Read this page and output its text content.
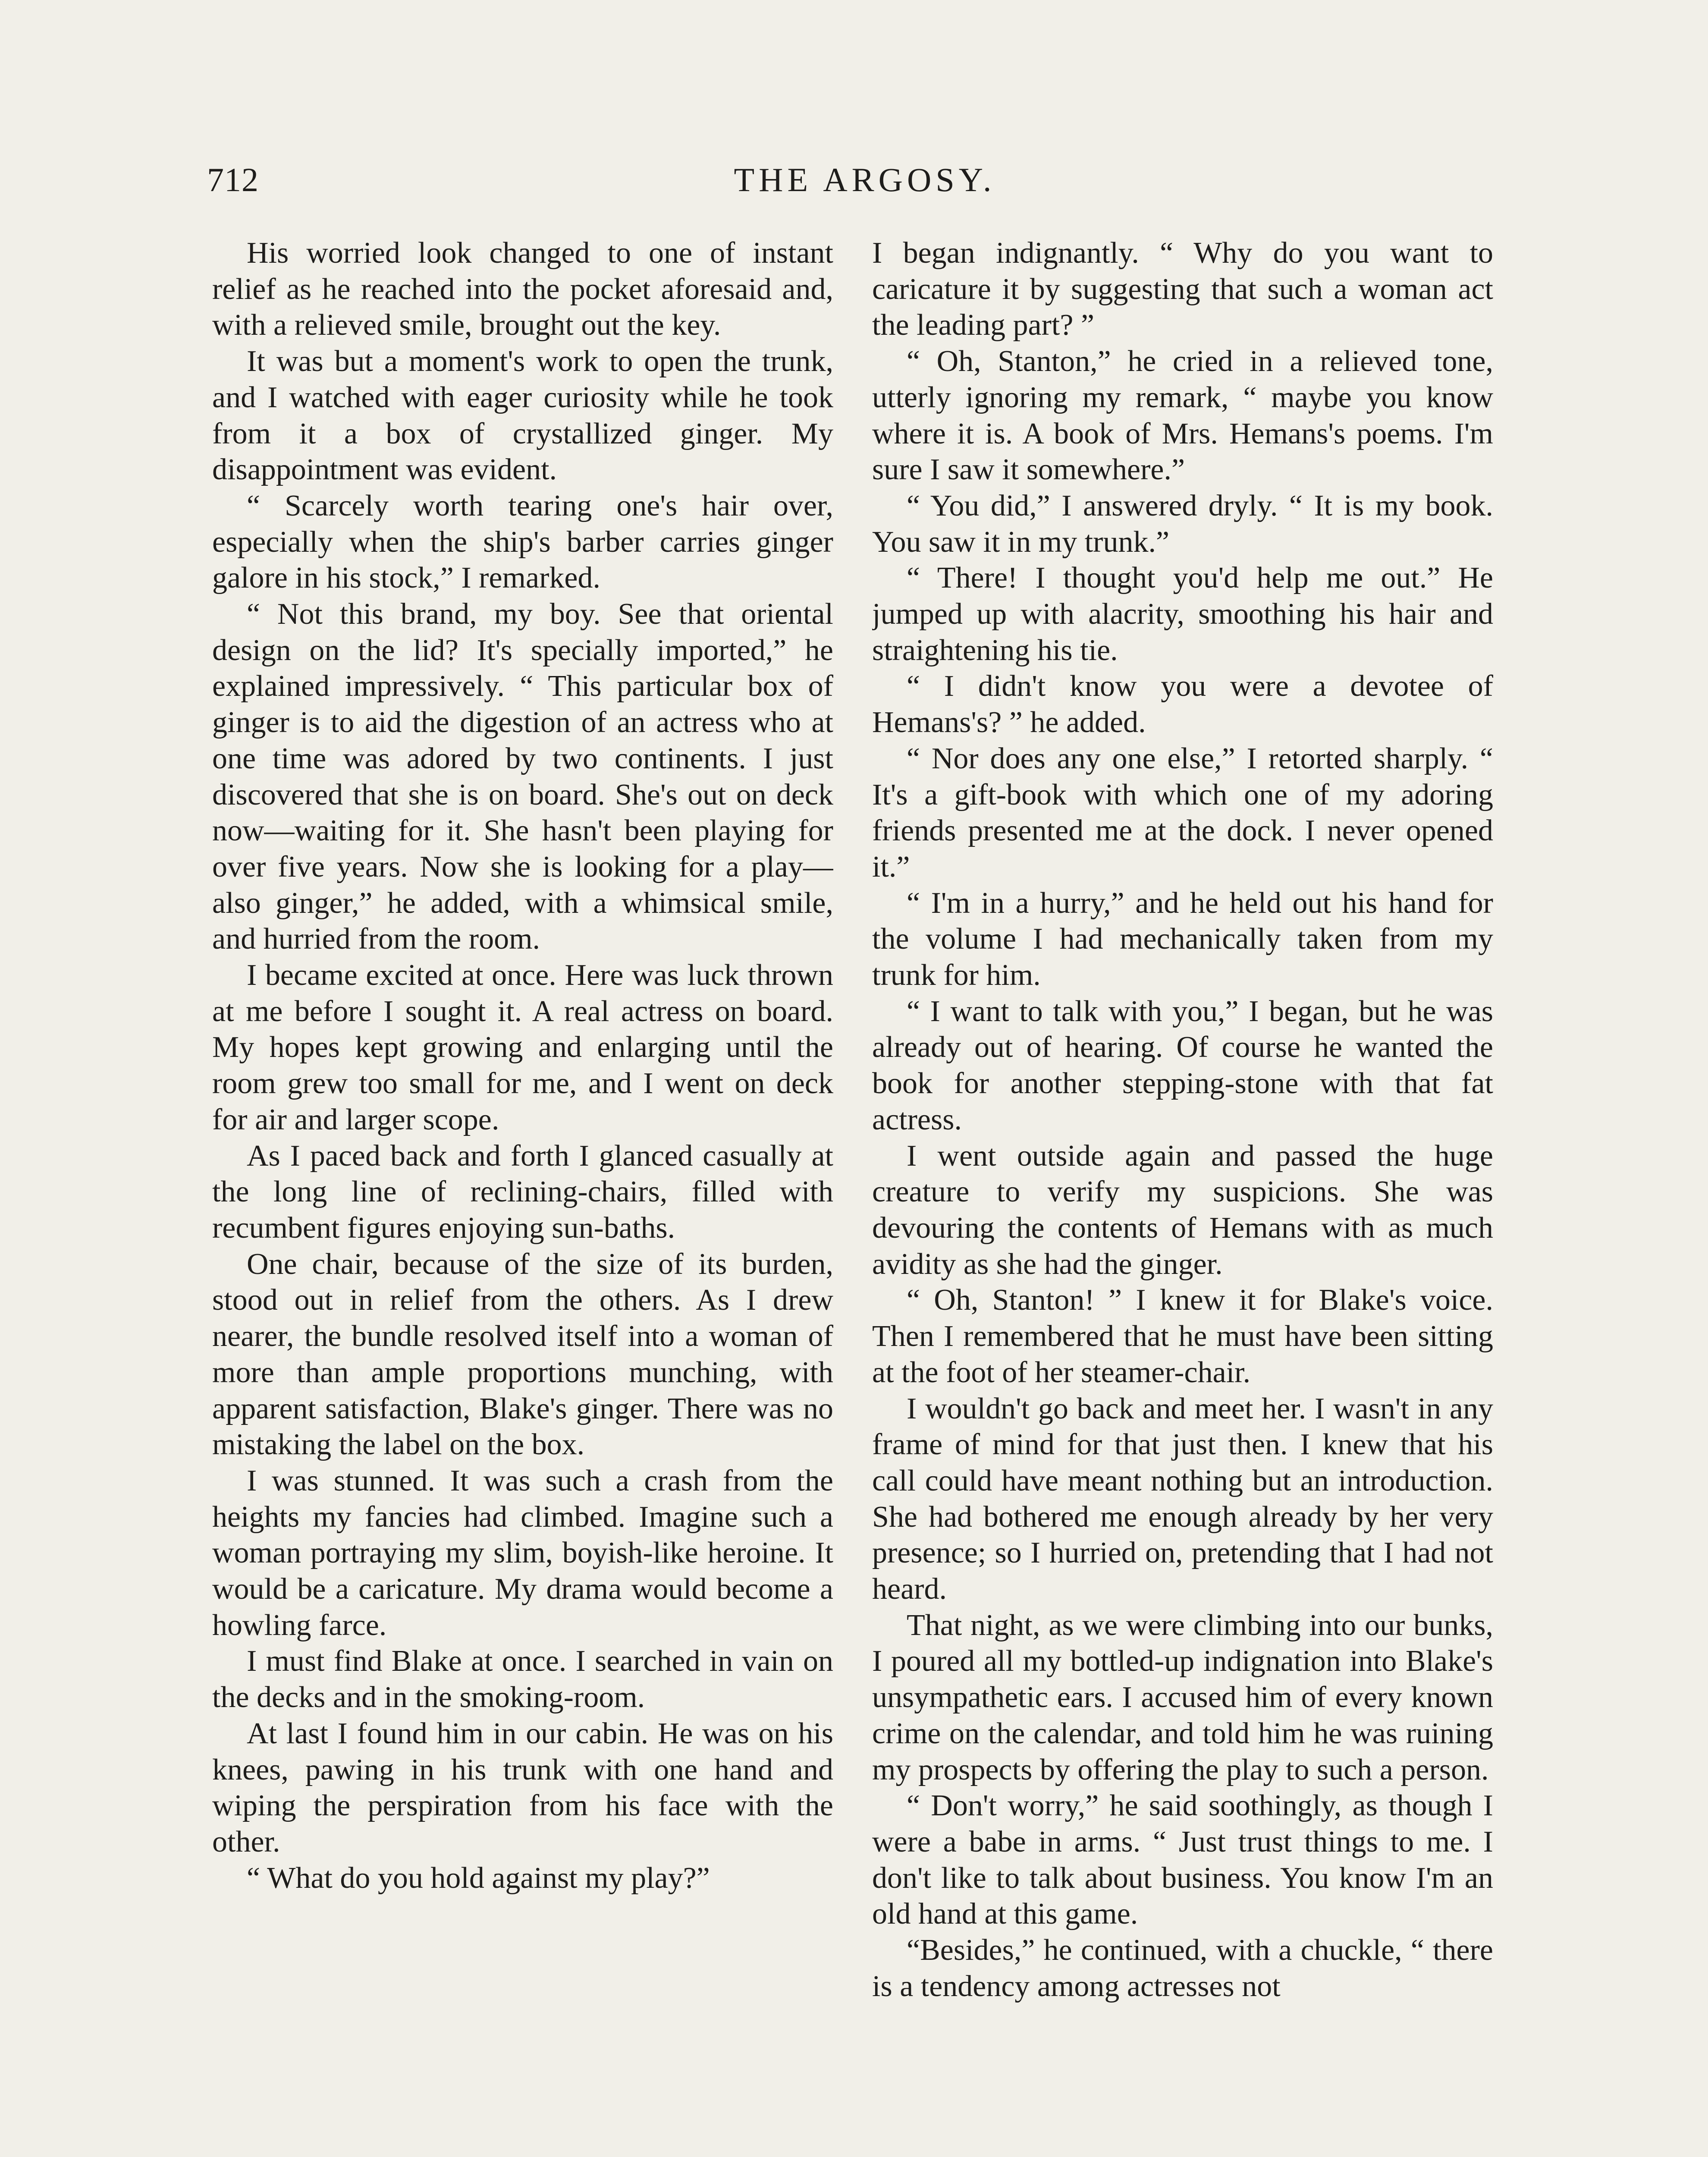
712	THE ARGOSY.

His worried look changed to one of instant relief as he reached into the pocket aforesaid and, with a relieved smile, brought out the key.

It was but a moment's work to open the trunk, and I watched with eager curiosity while he took from it a box of crystallized ginger. My disappointment was evident.

“ Scarcely worth tearing one's hair over, especially when the ship's barber carries ginger galore in his stock,” I remarked.

“ Not this brand, my boy. See that oriental design on the lid? It's specially imported,” he explained impressively. “ This particular box of ginger is to aid the digestion of an actress who at one time was adored by two continents. I just discovered that she is on board. She's out on deck now—waiting for it. She hasn't been playing for over five years. Now she is looking for a play—also ginger,” he added, with a whimsical smile, and hurried from the room.

I became excited at once. Here was luck thrown at me before I sought it. A real actress on board. My hopes kept growing and enlarging until the room grew too small for me, and I went on deck for air and larger scope.

As I paced back and forth I glanced casually at the long line of reclining-chairs, filled with recumbent figures enjoying sun-baths.

One chair, because of the size of its burden, stood out in relief from the others. As I drew nearer, the bundle resolved itself into a woman of more than ample proportions munching, with apparent satisfaction, Blake's ginger. There was no mistaking the label on the box.

I was stunned. It was such a crash from the heights my fancies had climbed. Imagine such a woman portraying my slim, boyish-like heroine. It would be a caricature. My drama would become a howling farce.

I must find Blake at once. I searched in vain on the decks and in the smoking-room.

At last I found him in our cabin. He was on his knees, pawing in his trunk with one hand and wiping the perspiration from his face with the other.

“ What do you hold against my play?”

I began indignantly. “ Why do you want to caricature it by suggesting that such a woman act the leading part? ”

“ Oh, Stanton,” he cried in a relieved tone, utterly ignoring my remark, “ maybe you know where it is. A book of Mrs. Hemans's poems. I'm sure I saw it somewhere.”

“ You did,” I answered dryly. “ It is my book. You saw it in my trunk.”

“ There! I thought you'd help me out.” He jumped up with alacrity, smoothing his hair and straightening his tie.

“ I didn't know you were a devotee of Hemans's? ” he added.

“ Nor does any one else,” I retorted sharply. “ It's a gift-book with which one of my adoring friends presented me at the dock. I never opened it.”

“ I'm in a hurry,” and he held out his hand for the volume I had mechanically taken from my trunk for him.

“ I want to talk with you,” I began, but he was already out of hearing. Of course he wanted the book for another stepping-stone with that fat actress.

I went outside again and passed the huge creature to verify my suspicions. She was devouring the contents of Hemans with as much avidity as she had the ginger.

“ Oh, Stanton! ” I knew it for Blake's voice. Then I remembered that he must have been sitting at the foot of her steamer-chair.

I wouldn't go back and meet her. I wasn't in any frame of mind for that just then. I knew that his call could have meant nothing but an introduction. She had bothered me enough already by her very presence; so I hurried on, pretending that I had not heard.

That night, as we were climbing into our bunks, I poured all my bottled-up indignation into Blake's unsympathetic ears. I accused him of every known crime on the calendar, and told him he was ruining my prospects by offering the play to such a person.

“ Don't worry,” he said soothingly, as though I were a babe in arms. “ Just trust things to me. I don't like to talk about business. You know I'm an old hand at this game.

“Besides,” he continued, with a chuckle, “ there is a tendency among actresses not
